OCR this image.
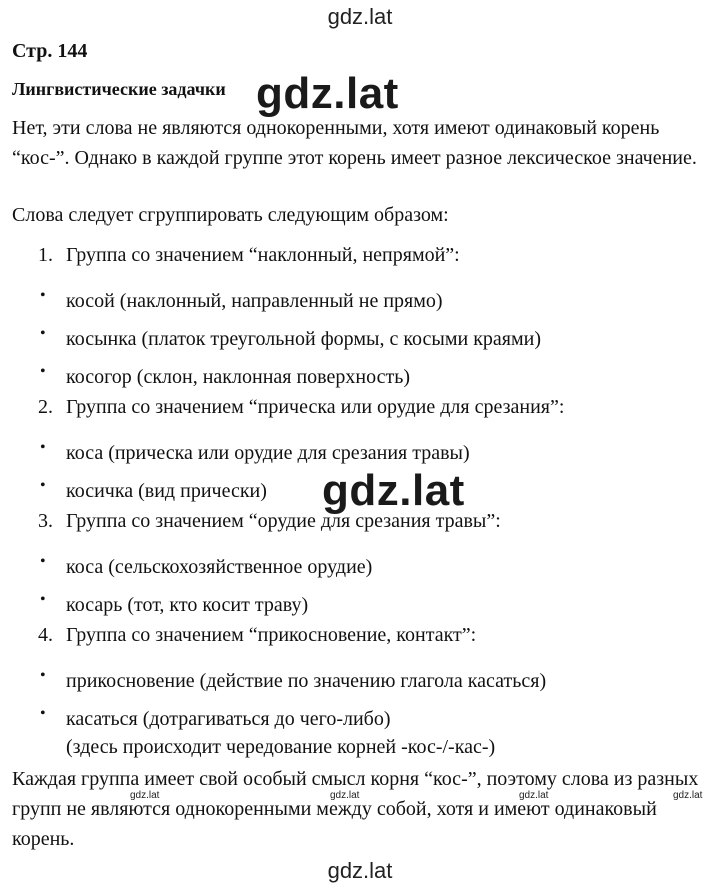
gdz.lat
Стр. 144
Лингвистические задачки

Нет, эти слова не являются однокоренными, хотя имеют одинаковый корень “кос-”. Однако в каждой группе этот корень имеет разное лексическое значение.

Слова следует сгруппировать следующим образом:

1. Группа со значением “наклонный, непрямой”:
• косой (наклонный, направленный не прямо)
• косынка (платок треугольной формы, с косыми краями)
• косогор (склон, наклонная поверхность)
2. Группа со значением “прическа или орудие для срезания”:
• коса (прическа или орудие для срезания травы)
• косичка (вид прически)
3. Группа со значением “орудие для срезания травы”:
• коса (сельскохозяйственное орудие)
• косарь (тот, кто косит траву)
4. Группа со значением “прикосновение, контакт”:
• прикосновение (действие по значению глагола касаться)
• касаться (дотрагиваться до чего-либо)
(здесь происходит чередование корней -кос-/-кас-)

Каждая группа имеет свой особый смысл корня “кос-”, поэтому слова из разных групп не являются однокоренными между собой, хотя и имеют одинаковый корень.

gdz.lat
gdz.lat
gdz.lat	gdz.lat	gdz.lat	gdz.lat
gdz.lat
